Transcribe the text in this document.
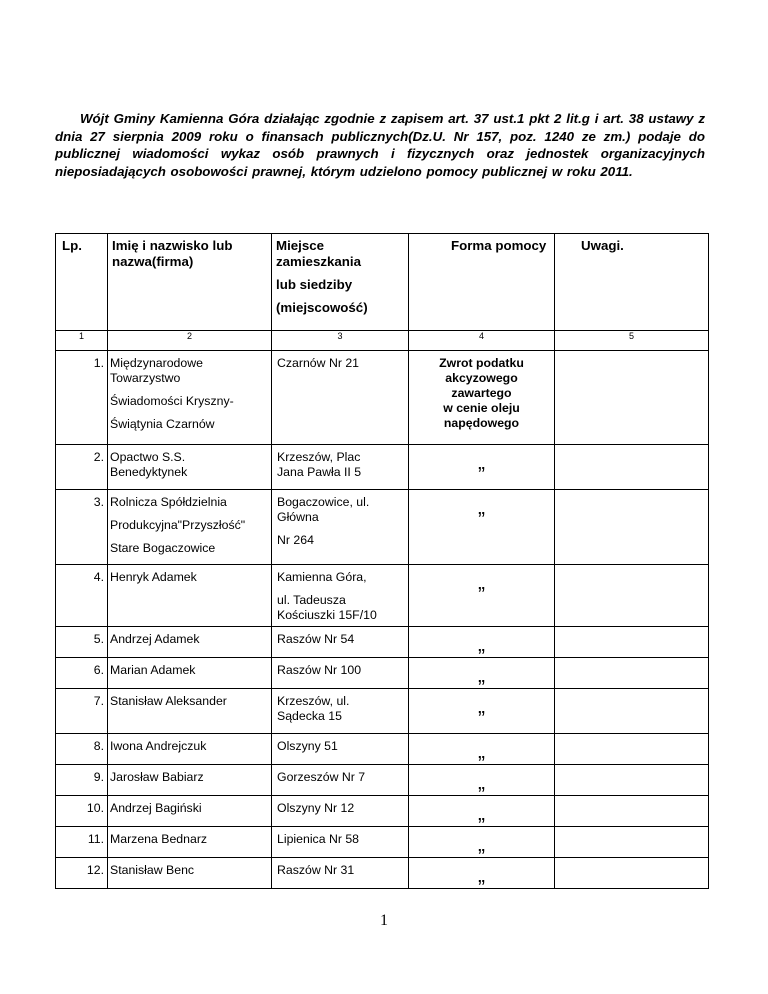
Wójt Gminy Kamienna Góra działając zgodnie z zapisem art. 37 ust.1 pkt 2 lit.g i art. 38 ustawy z dnia 27 sierpnia 2009 roku o finansach publicznych(Dz.U. Nr 157, poz. 1240 ze zm.) podaje do publicznej wiadomości wykaz osób prawnych i fizycznych oraz jednostek organizacyjnych nieposiadających osobowości prawnej, którym udzielono pomocy publicznej w roku 2011.

Lp.	Imię i nazwisko lub
nazwa(firma)	Miejsce
zamieszkania
lub siedziby
(miejscowość)	Forma pomocy	Uwagi.
1	2	3	4	5
1.	Międzynarodowe
Towarzystwo
Świadomości Kryszny-
Świątynia Czarnów	Czarnów Nr 21	Zwrot podatku
akcyzowego
zawartego
w cenie oleju
napędowego	
2.	Opactwo S.S.
Benedyktynek	Krzeszów, Plac
Jana Pawła II 5	„	
3.	Rolnicza Spółdzielnia
Produkcyjna"Przyszłość"
Stare Bogaczowice	Bogaczowice, ul.
Główna
Nr 264	„	
4.	Henryk Adamek	Kamienna Góra,
ul. Tadeusza
Kościuszki 15F/10	„	
5.	Andrzej Adamek	Raszów Nr 54	„	
6.	Marian Adamek	Raszów Nr 100	„	
7.	Stanisław Aleksander	Krzeszów, ul.
Sądecka 15	„	
8.	Iwona Andrejczuk	Olszyny 51	„	
9.	Jarosław Babiarz	Gorzeszów Nr 7	„	
10.	Andrzej Bagiński	Olszyny Nr 12	„	
11.	Marzena Bednarz	Lipienica Nr 58	„	
12.	Stanisław Benc	Raszów Nr 31	„	
1
